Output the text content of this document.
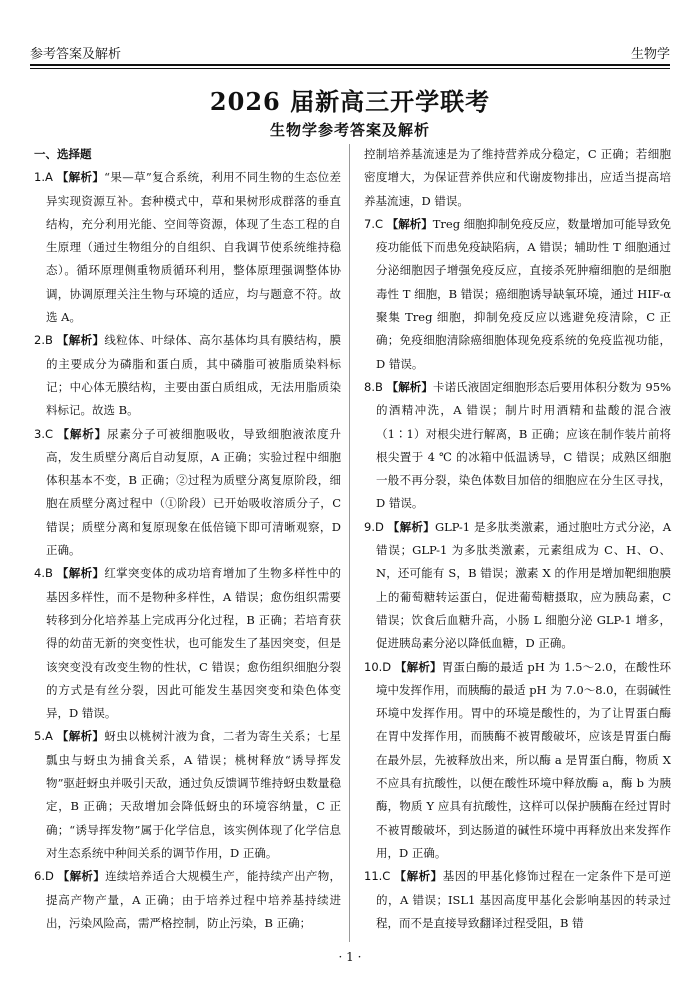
参考答案及解析	生物学
2026 届新高三开学联考
生物学参考答案及解析
一、选择题
1.A 【解析】“果—草”复合系统，利用不同生物的生态位差异实现资源互补。套种模式中，草和果树形成群落的垂直结构，充分利用光能、空间等资源，体现了生态工程的自生原理（通过生物组分的自组织、自我调节使系统维持稳态）。循环原理侧重物质循环利用，整体原理强调整体协调，协调原理关注生物与环境的适应，均与题意不符。故选 A。
2.B 【解析】线粒体、叶绿体、高尔基体均具有膜结构，膜的主要成分为磷脂和蛋白质，其中磷脂可被脂质染料标记；中心体无膜结构，主要由蛋白质组成，无法用脂质染料标记。故选 B。
3.C 【解析】尿素分子可被细胞吸收，导致细胞液浓度升高，发生质壁分离后自动复原，A 正确；实验过程中细胞体积基本不变，B 正确；②过程为质壁分离复原阶段，细胞在质壁分离过程中（①阶段）已开始吸收溶质分子，C 错误；质壁分离和复原现象在低倍镜下即可清晰观察，D 正确。
4.B 【解析】红掌突变体的成功培育增加了生物多样性中的基因多样性，而不是物种多样性，A 错误；愈伤组织需要转移到分化培养基上完成再分化过程，B 正确；若培育获得的幼苗无新的突变性状，也可能发生了基因突变，但是该突变没有改变生物的性状，C 错误；愈伤组织细胞分裂的方式是有丝分裂，因此可能发生基因突变和染色体变异，D 错误。
5.A 【解析】蚜虫以桃树汁液为食，二者为寄生关系；七星瓢虫与蚜虫为捕食关系，A 错误；桃树释放“诱导挥发物”驱赶蚜虫并吸引天敌，通过负反馈调节维持蚜虫数量稳定，B 正确；天敌增加会降低蚜虫的环境容纳量，C 正确；“诱导挥发物”属于化学信息，该实例体现了化学信息对生态系统中种间关系的调节作用，D 正确。
6.D 【解析】连续培养适合大规模生产，能持续产出产物，提高产物产量，A 正确；由于培养过程中培养基持续进出，污染风险高，需严格控制，防止污染，B 正确；
控制培养基流速是为了维持营养成分稳定，C 正确；若细胞密度增大，为保证营养供应和代谢废物排出，应适当提高培养基流速，D 错误。
7.C 【解析】Treg 细胞抑制免疫反应，数量增加可能导致免疫功能低下而患免疫缺陷病，A 错误；辅助性 T 细胞通过分泌细胞因子增强免疫反应，直接杀死肿瘤细胞的是细胞毒性 T 细胞，B 错误；癌细胞诱导缺氧环境，通过 HIF-α 聚集 Treg 细胞，抑制免疫反应以逃避免疫清除，C 正确；免疫细胞清除癌细胞体现免疫系统的免疫监视功能，D 错误。
8.B 【解析】卡诺氏液固定细胞形态后要用体积分数为 95% 的酒精冲洗，A 错误；制片时用酒精和盐酸的混合液（1∶1）对根尖进行解离，B 正确；应该在制作装片前将根尖置于 4 ℃ 的冰箱中低温诱导，C 错误；成熟区细胞一般不再分裂，染色体数目加倍的细胞应在分生区寻找，D 错误。
9.D 【解析】GLP-1 是多肽类激素，通过胞吐方式分泌，A 错误；GLP-1 为多肽类激素，元素组成为 C、H、O、N，还可能有 S，B 错误；激素 X 的作用是增加靶细胞膜上的葡萄糖转运蛋白，促进葡萄糖摄取，应为胰岛素，C 错误；饮食后血糖升高，小肠 L 细胞分泌 GLP-1 增多，促进胰岛素分泌以降低血糖，D 正确。
10.D 【解析】胃蛋白酶的最适 pH 为 1.5～2.0，在酸性环境中发挥作用，而胰酶的最适 pH 为 7.0～8.0，在弱碱性环境中发挥作用。胃中的环境是酸性的，为了让胃蛋白酶在胃中发挥作用，而胰酶不被胃酸破坏，应该是胃蛋白酶在最外层，先被释放出来，所以酶 a 是胃蛋白酶，物质 X 不应具有抗酸性，以便在酸性环境中释放酶 a，酶 b 为胰酶，物质 Y 应具有抗酸性，这样可以保护胰酶在经过胃时不被胃酸破坏，到达肠道的碱性环境中再释放出来发挥作用，D 正确。
11.C 【解析】基因的甲基化修饰过程在一定条件下是可逆的，A 错误；ISL1 基因高度甲基化会影响基因的转录过程，而不是直接导致翻译过程受阻，B 错
· 1 ·
